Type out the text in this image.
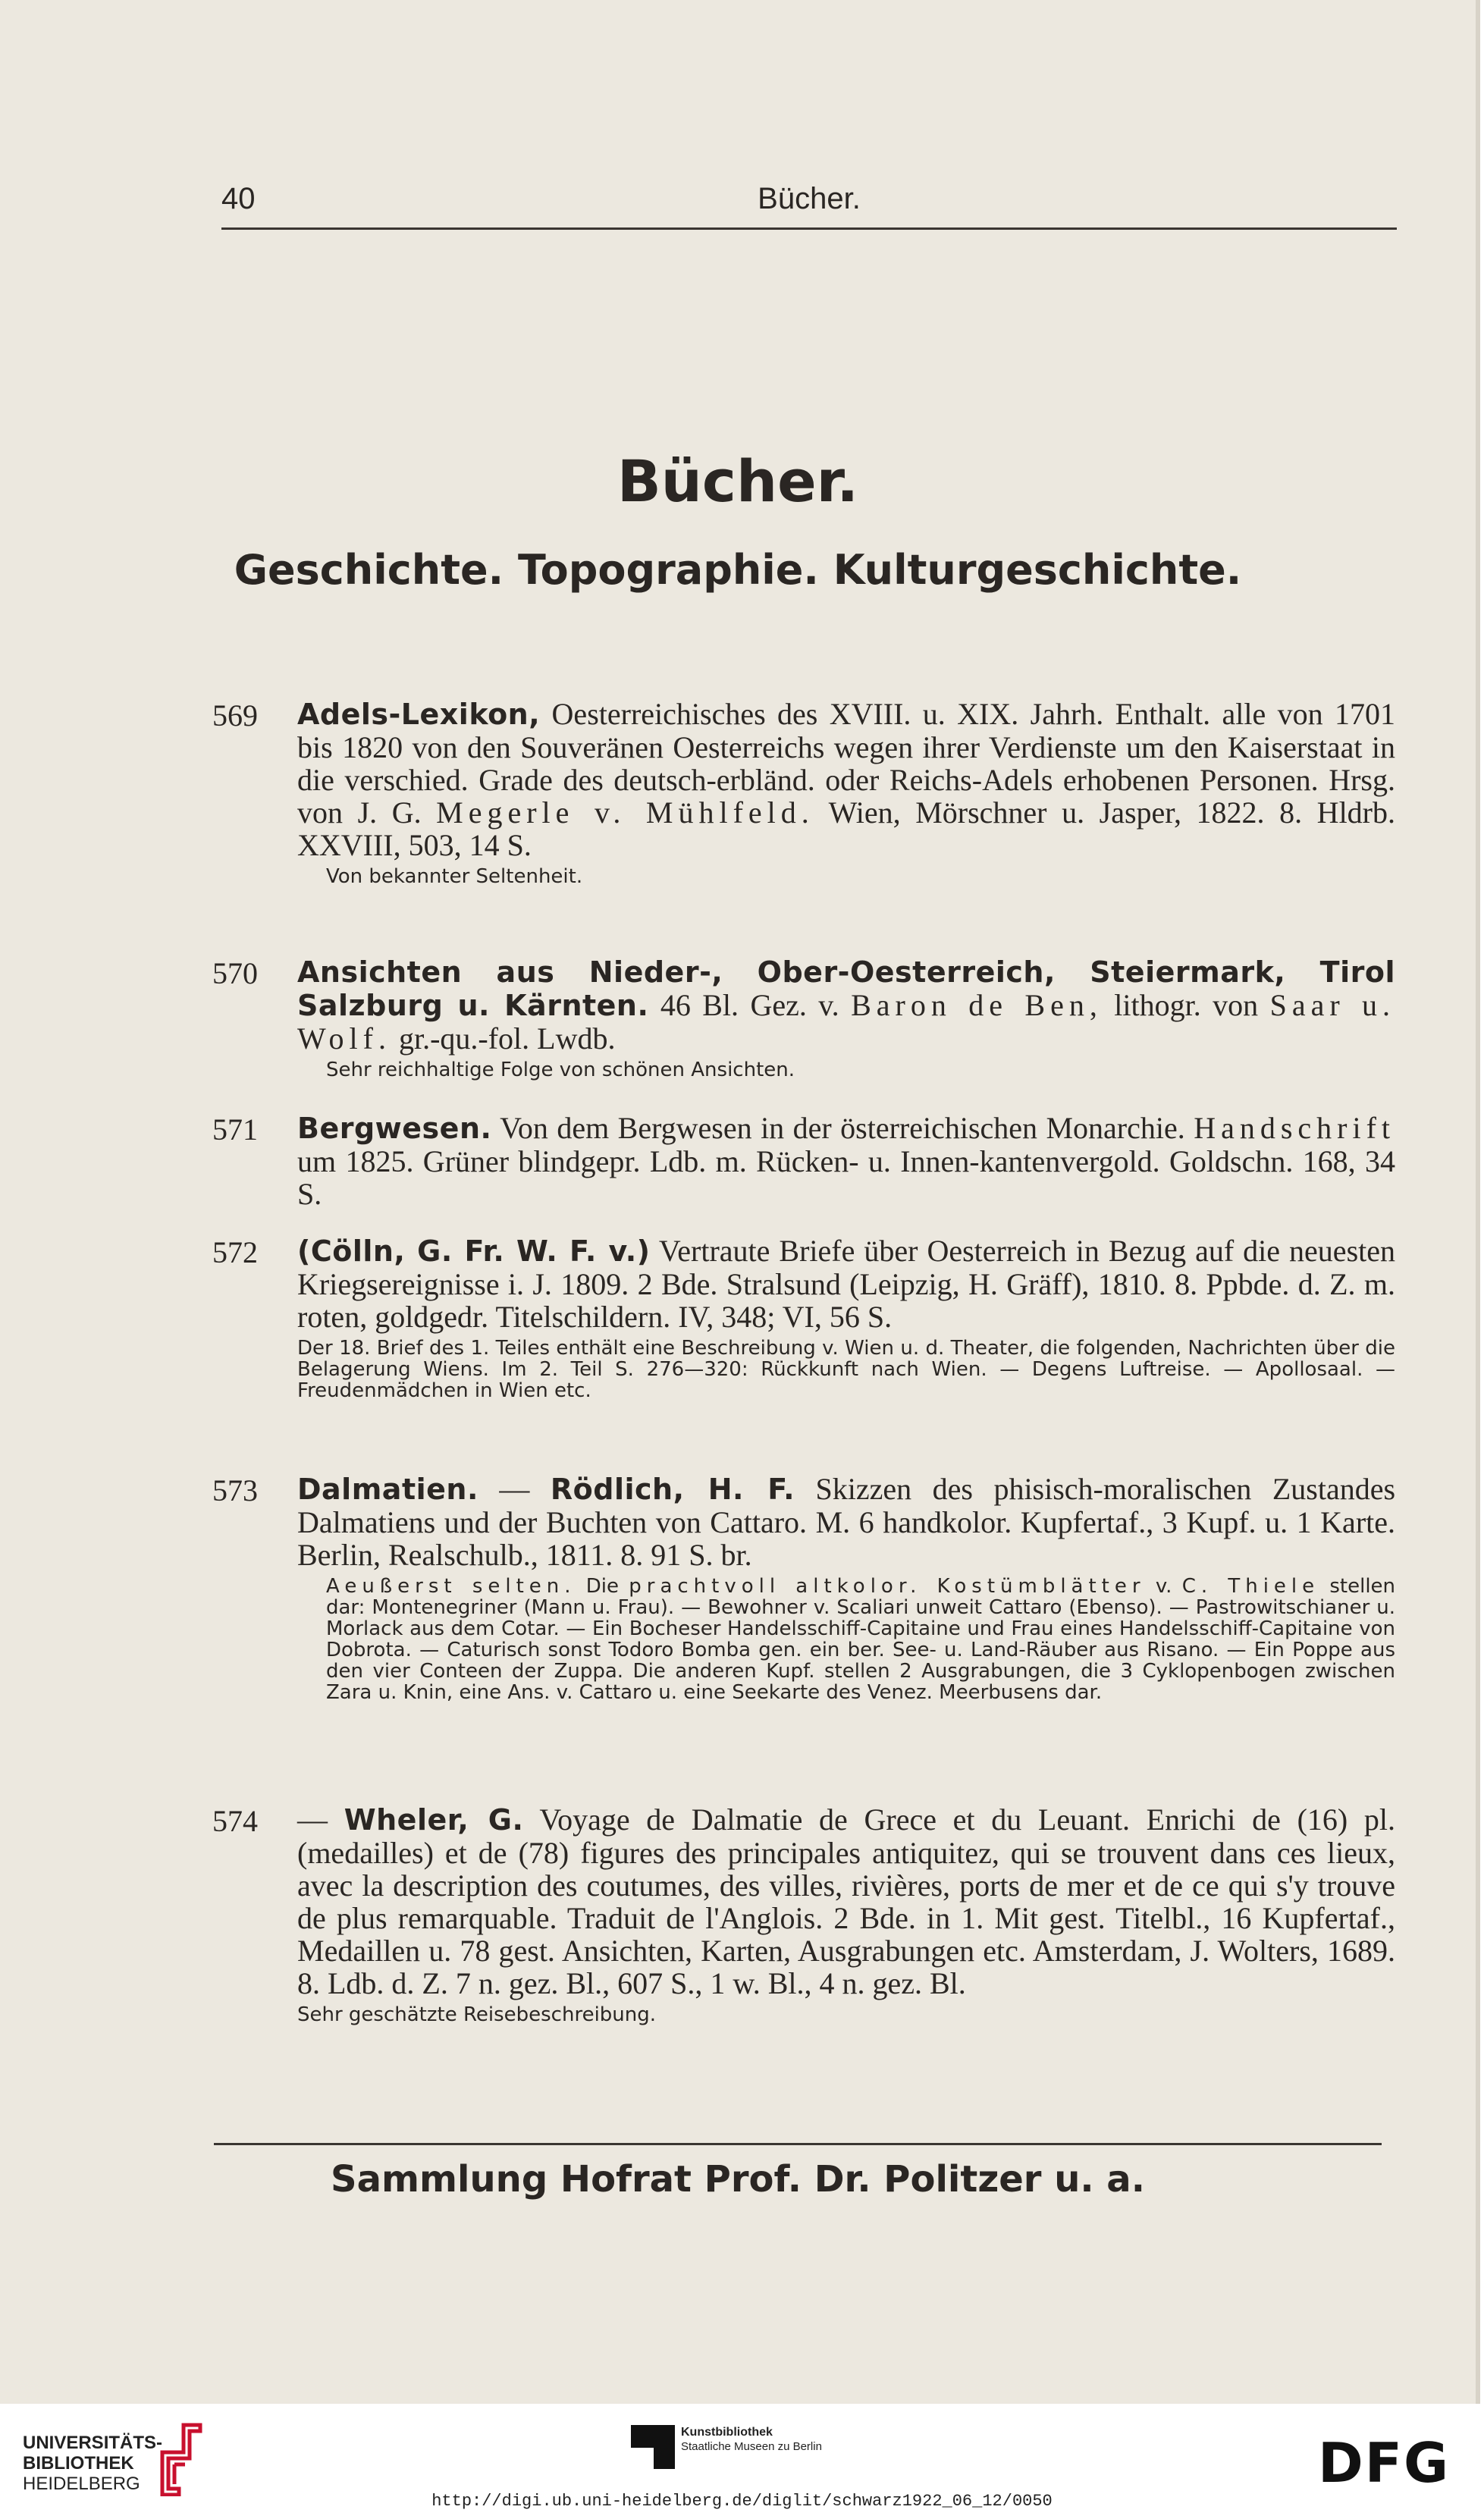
40	Bücher.
Bücher.
Geschichte. Topographie. Kulturgeschichte.
569	Adels-Lexikon, Oesterreichisches des XVIII. u. XIX. Jahrh. Enthalt. alle von 1701 bis 1820 von den Souveränen Oesterreichs wegen ihrer Verdienste um den Kaiserstaat in die verschied. Grade des deutsch-erbländ. oder Reichs-Adels erhobenen Personen. Hrsg. von J. G. Megerle v. Mühlfeld. Wien, Mörschner u. Jasper, 1822. 8. Hldrb. XXVIII, 503, 14 S.
Von bekannter Seltenheit.
570	Ansichten aus Nieder-, Ober-Oesterreich, Steiermark, Tirol Salzburg u. Kärnten. 46 Bl. Gez. v. Baron de Ben, lithogr. von Saar u. Wolf. gr.-qu.-fol. Lwdb.
Sehr reichhaltige Folge von schönen Ansichten.
571	Bergwesen. Von dem Bergwesen in der österreichischen Monarchie. Handschrift um 1825. Grüner blindgepr. Ldb. m. Rücken- u. Innen-kantenvergold. Goldschn. 168, 34 S.
572	(Cölln, G. Fr. W. F. v.) Vertraute Briefe über Oesterreich in Bezug auf die neuesten Kriegsereignisse i. J. 1809. 2 Bde. Stralsund (Leipzig, H. Gräff), 1810. 8. Ppbde. d. Z. m. roten, goldgedr. Titelschildern. IV, 348; VI, 56 S.
Der 18. Brief des 1. Teiles enthält eine Beschreibung v. Wien u. d. Theater, die folgenden, Nachrichten über die Belagerung Wiens. Im 2. Teil S. 276—320: Rückkunft nach Wien. — Degens Luftreise. — Apollosaal. — Freudenmädchen in Wien etc.
573	Dalmatien. — Rödlich, H. F. Skizzen des phisisch-moralischen Zustandes Dalmatiens und der Buchten von Cattaro. M. 6 handkolor. Kupfertaf., 3 Kupf. u. 1 Karte. Berlin, Realschulb., 1811. 8. 91 S. br.
Aeußerst selten. Die prachtvoll altkolor. Kostümblätter v. C. Thiele stellen dar: Montenegriner (Mann u. Frau). — Bewohner v. Scaliari unweit Cattaro (Ebenso). — Pastrowitschianer u. Morlack aus dem Cotar. — Ein Bocheser Handelsschiff-Capitaine und Frau eines Handelsschiff-Capitaine von Dobrota. — Caturisch sonst Todoro Bomba gen. ein ber. See- u. Land-Räuber aus Risano. — Ein Poppe aus den vier Conteen der Zuppa. Die anderen Kupf. stellen 2 Ausgrabungen, die 3 Cyklopenbogen zwischen Zara u. Knin, eine Ans. v. Cattaro u. eine Seekarte des Venez. Meerbusens dar.
574	— Wheler, G. Voyage de Dalmatie de Grece et du Leuant. Enrichi de (16) pl. (medailles) et de (78) figures des principales antiquitez, qui se trouvent dans ces lieux, avec la description des coutumes, des villes, rivières, ports de mer et de ce qui s'y trouve de plus remarquable. Traduit de l'Anglois. 2 Bde. in 1. Mit gest. Titelbl., 16 Kupfertaf., Medaillen u. 78 gest. Ansichten, Karten, Ausgrabungen etc. Amsterdam, J. Wolters, 1689. 8. Ldb. d. Z. 7 n. gez. Bl., 607 S., 1 w. Bl., 4 n. gez. Bl.
Sehr geschätzte Reisebeschreibung.
Sammlung Hofrat Prof. Dr. Politzer u. a.
UNIVERSITÄTS-
BIBLIOTHEK
HEIDELBERG
Kunstbibliothek
Staatliche Museen zu Berlin	DFG
http://digi.ub.uni-heidelberg.de/diglit/schwarz1922_06_12/0050
